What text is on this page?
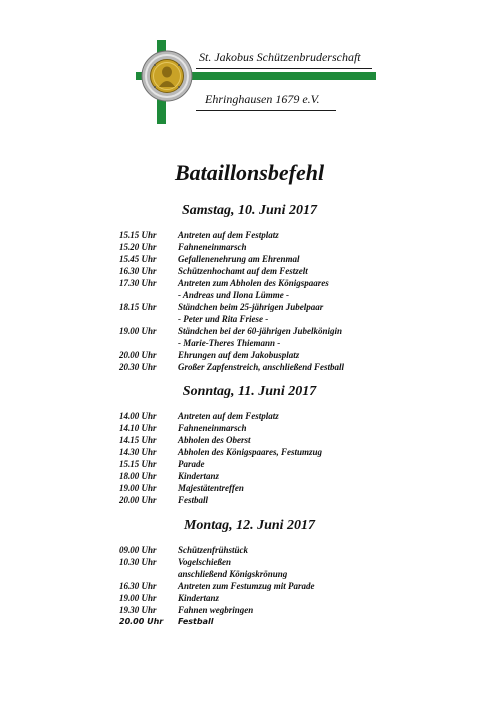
St. Jakobus Schützenbruderschaft
Ehringhausen 1679 e.V.
Bataillonsbefehl
Samstag, 10. Juni 2017
15.15 Uhr Antreten auf dem Festplatz
15.20 Uhr Fahneneinmarsch
15.45 Uhr Gefallenenehrung am Ehrenmal
16.30 Uhr Schützenhochamt auf dem Festzelt
17.30 Uhr Antreten zum Abholen des Königspaares
- Andreas und Ilona Lümme -
18.15 Uhr Ständchen beim 25-jährigen Jubelpaar
- Peter und Rita Friese -
19.00 Uhr Ständchen bei der 60-jährigen Jubelkönigin
- Marie-Theres Thiemann -
20.00 Uhr Ehrungen auf dem Jakobusplatz
20.30 Uhr Großer Zapfenstreich, anschließend Festball
Sonntag, 11. Juni 2017
14.00 Uhr Antreten auf dem Festplatz
14.10 Uhr Fahneneinmarsch
14.15 Uhr Abholen des Oberst
14.30 Uhr Abholen des Königspaares, Festumzug
15.15 Uhr Parade
18.00 Uhr Kindertanz
19.00 Uhr Majestätentreffen
20.00 Uhr Festball
Montag, 12. Juni 2017
09.00 Uhr Schützenfrühstück
10.30 Uhr Vogelschießen
anschließend Königskrönung
16.30 Uhr Antreten zum Festumzug mit Parade
19.00 Uhr Kindertanz
19.30 Uhr Fahnen wegbringen
20.00 Uhr Festball
